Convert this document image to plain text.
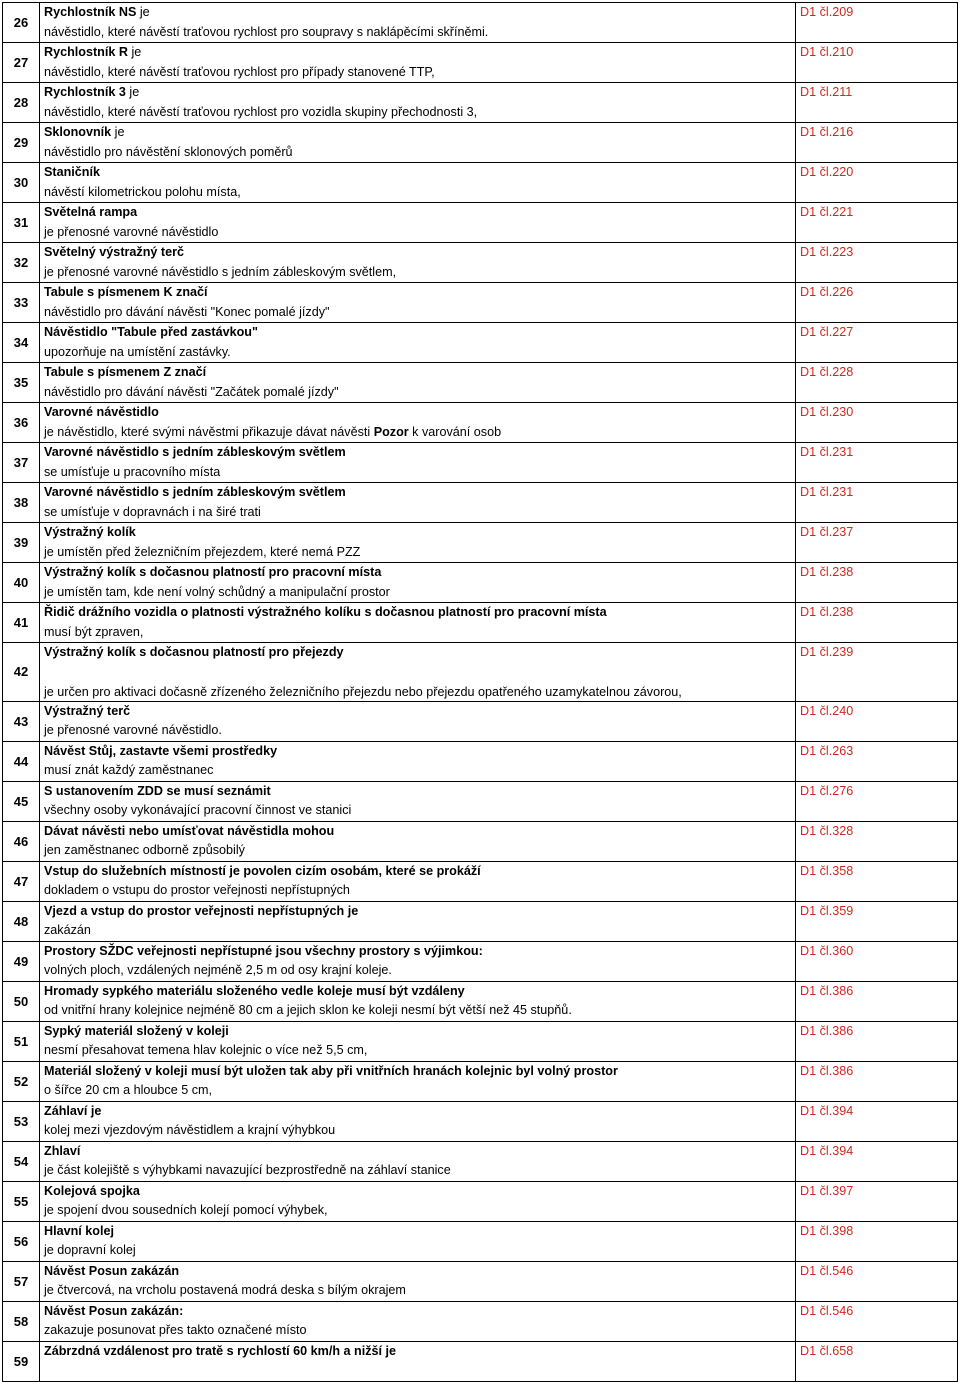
26	Rychlostník NS je
návěstidlo, které návěstí traťovou rychlost pro soupravy s naklápěcími skříněmi.	D1 čl.209

27	Rychlostník R je
návěstidlo, které návěstí traťovou rychlost pro případy stanovené TTP,	D1 čl.210

28	Rychlostník 3 je
návěstidlo, které návěstí traťovou rychlost pro vozidla skupiny přechodnosti 3,	D1 čl.211

29	Sklonovník je
návěstidlo pro návěstění sklonových poměrů	D1 čl.216

30	Staničník
návěstí kilometrickou polohu místa,	D1 čl.220

31	Světelná rampa
je přenosné varovné návěstidlo	D1 čl.221

32	Světelný výstražný terč
je přenosné varovné návěstidlo s jedním zábleskovým světlem,	D1 čl.223

33	Tabule s písmenem K značí
návěstidlo pro dávání návěsti "Konec pomalé jízdy"	D1 čl.226

34	Návěstidlo "Tabule před zastávkou"
upozorňuje na umístění zastávky.	D1 čl.227

35	Tabule s písmenem Z značí
návěstidlo pro dávání návěsti "Začátek pomalé jízdy"	D1 čl.228

36	Varovné návěstidlo
je návěstidlo, které svými návěstmi přikazuje dávat návěsti Pozor k varování osob	D1 čl.230

37	Varovné návěstidlo s jedním zábleskovým světlem
se umísťuje u pracovního místa	D1 čl.231

38	Varovné návěstidlo s jedním zábleskovým světlem
se umísťuje v dopravnách i na širé trati	D1 čl.231

39	Výstražný kolík
je umístěn před železničním přejezdem, které nemá PZZ	D1 čl.237

40	Výstražný kolík s dočasnou platností pro pracovní místa
je umístěn tam, kde není volný schůdný a manipulační prostor	D1 čl.238

41	Řidič drážního vozidla o platnosti výstražného kolíku s dočasnou platností pro pracovní místa
musí být zpraven,	D1 čl.238

42	Výstražný kolík s dočasnou platností pro přejezdy
je určen pro aktivaci dočasně zřízeného železničního přejezdu nebo přejezdu opatřeného uzamykatelnou závorou,	D1 čl.239

43	Výstražný terč
je přenosné varovné návěstidlo.	D1 čl.240

44	Návěst Stůj, zastavte všemi prostředky
musí znát každý zaměstnanec	D1 čl.263

45	S ustanovením ZDD se musí seznámit
všechny osoby vykonávající pracovní činnost ve stanici	D1 čl.276

46	Dávat návěsti nebo umísťovat návěstidla mohou
jen zaměstnanec odborně způsobilý	D1 čl.328

47	Vstup do služebních místností je povolen cizím osobám, které se prokáží
dokladem o vstupu do prostor veřejnosti nepřístupných	D1 čl.358

48	Vjezd a vstup do prostor veřejnosti nepřístupných je
zakázán	D1 čl.359

49	Prostory SŽDC veřejnosti nepřístupné jsou všechny prostory s výjimkou:
volných ploch, vzdálených nejméně 2,5 m od osy krajní koleje.	D1 čl.360

50	Hromady sypkého materiálu složeného vedle koleje musí být vzdáleny
od vnitřní hrany kolejnice nejméně 80 cm a jejich sklon ke koleji nesmí být větší než 45 stupňů.	D1 čl.386

51	Sypký materiál složený v koleji
nesmí přesahovat temena hlav kolejnic o více než 5,5 cm,	D1 čl.386

52	Materiál složený v koleji musí být uložen tak aby při vnitřních hranách kolejnic byl volný prostor
o šířce 20 cm a hloubce 5 cm,	D1 čl.386

53	Záhlaví je
kolej mezi vjezdovým návěstidlem a krajní výhybkou	D1 čl.394

54	Zhlaví
je část kolejiště s výhybkami navazující bezprostředně na záhlaví stanice	D1 čl.394

55	Kolejová spojka
je spojení dvou sousedních kolejí pomocí výhybek,	D1 čl.397

56	Hlavní kolej
je dopravní kolej	D1 čl.398

57	Návěst Posun zakázán
je čtvercová, na vrcholu postavená modrá deska s bílým okrajem	D1 čl.546

58	Návěst Posun zakázán:
zakazuje posunovat přes takto označené místo	D1 čl.546

59	Zábrzdná vzdálenost pro tratě s rychlostí 60 km/h a nižší je	D1 čl.658
